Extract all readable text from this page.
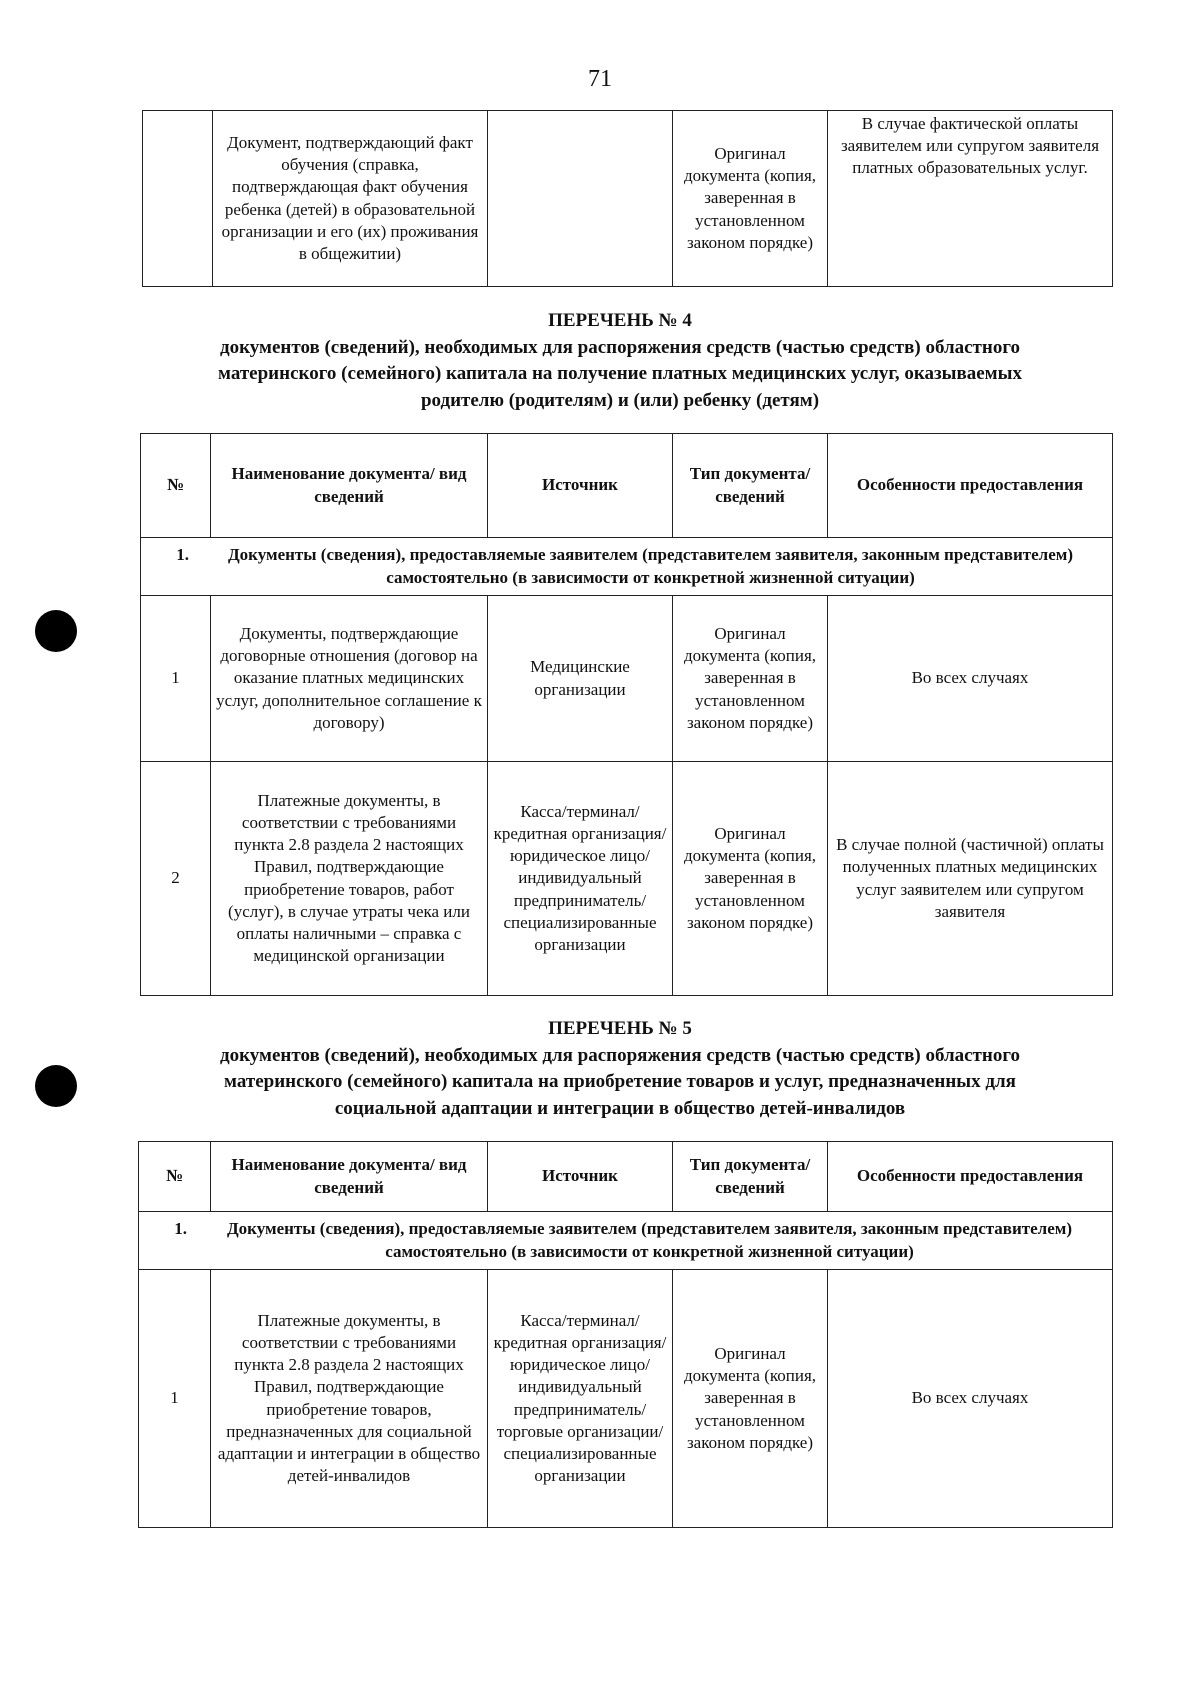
71
	Документ, подтверждающий факт обучения (справка, подтверждающая факт обучения ребенка (детей) в образовательной организации и его (их) проживания в общежитии)		Оригинал документа (копия, заверенная в установленном законом порядке)	В случае фактической оплаты заявителем или супругом заявителя платных образовательных услуг.
ПЕРЕЧЕНЬ № 4
документов (сведений), необходимых для распоряжения средств (частью средств) областного
материнского (семейного) капитала на получение платных медицинских услуг, оказываемых
родителю (родителям) и (или) ребенку (детям)
№	Наименование документа/ вид сведений	Источник	Тип документа/ сведений	Особенности предоставления

1. Документы (сведения), предоставляемые заявителем (представителем заявителя, законным представителем) самостоятельно (в зависимости от конкретной жизненной ситуации)				

1	Документы, подтверждающие договорные отношения (договор на оказание платных медицинских услуг, дополнительное соглашение к договору)	Медицинские организации	Оригинал документа (копия, заверенная в установленном законом порядке)	Во всех случаях
2	Платежные документы, в соответствии с требованиями пункта 2.8 раздела 2 настоящих Правил, подтверждающие приобретение товаров, работ (услуг), в случае утраты чека или оплаты наличными – справка с медицинской организации	Касса/терминал/ кредитная организация/ юридическое лицо/ индивидуальный предприниматель/ специализированные организации	Оригинал документа (копия, заверенная в установленном законом порядке)	В случае полной (частичной) оплаты полученных платных медицинских услуг заявителем или супругом заявителя
ПЕРЕЧЕНЬ № 5
документов (сведений), необходимых для распоряжения средств (частью средств) областного
материнского (семейного) капитала на приобретение товаров и услуг, предназначенных для
социальной адаптации и интеграции в общество детей-инвалидов
№	Наименование документа/ вид сведений	Источник	Тип документа/ сведений	Особенности предоставления

1. Документы (сведения), предоставляемые заявителем (представителем заявителя, законным представителем) самостоятельно (в зависимости от конкретной жизненной ситуации)				

1	Платежные документы, в соответствии с требованиями пункта 2.8 раздела 2 настоящих Правил, подтверждающие приобретение товаров, предназначенных для социальной адаптации и интеграции в общество детей-инвалидов	Касса/терминал/ кредитная организация/ юридическое лицо/ индивидуальный предприниматель/ торговые организации/ специализированные организации	Оригинал документа (копия, заверенная в установленном законом порядке)	Во всех случаях
